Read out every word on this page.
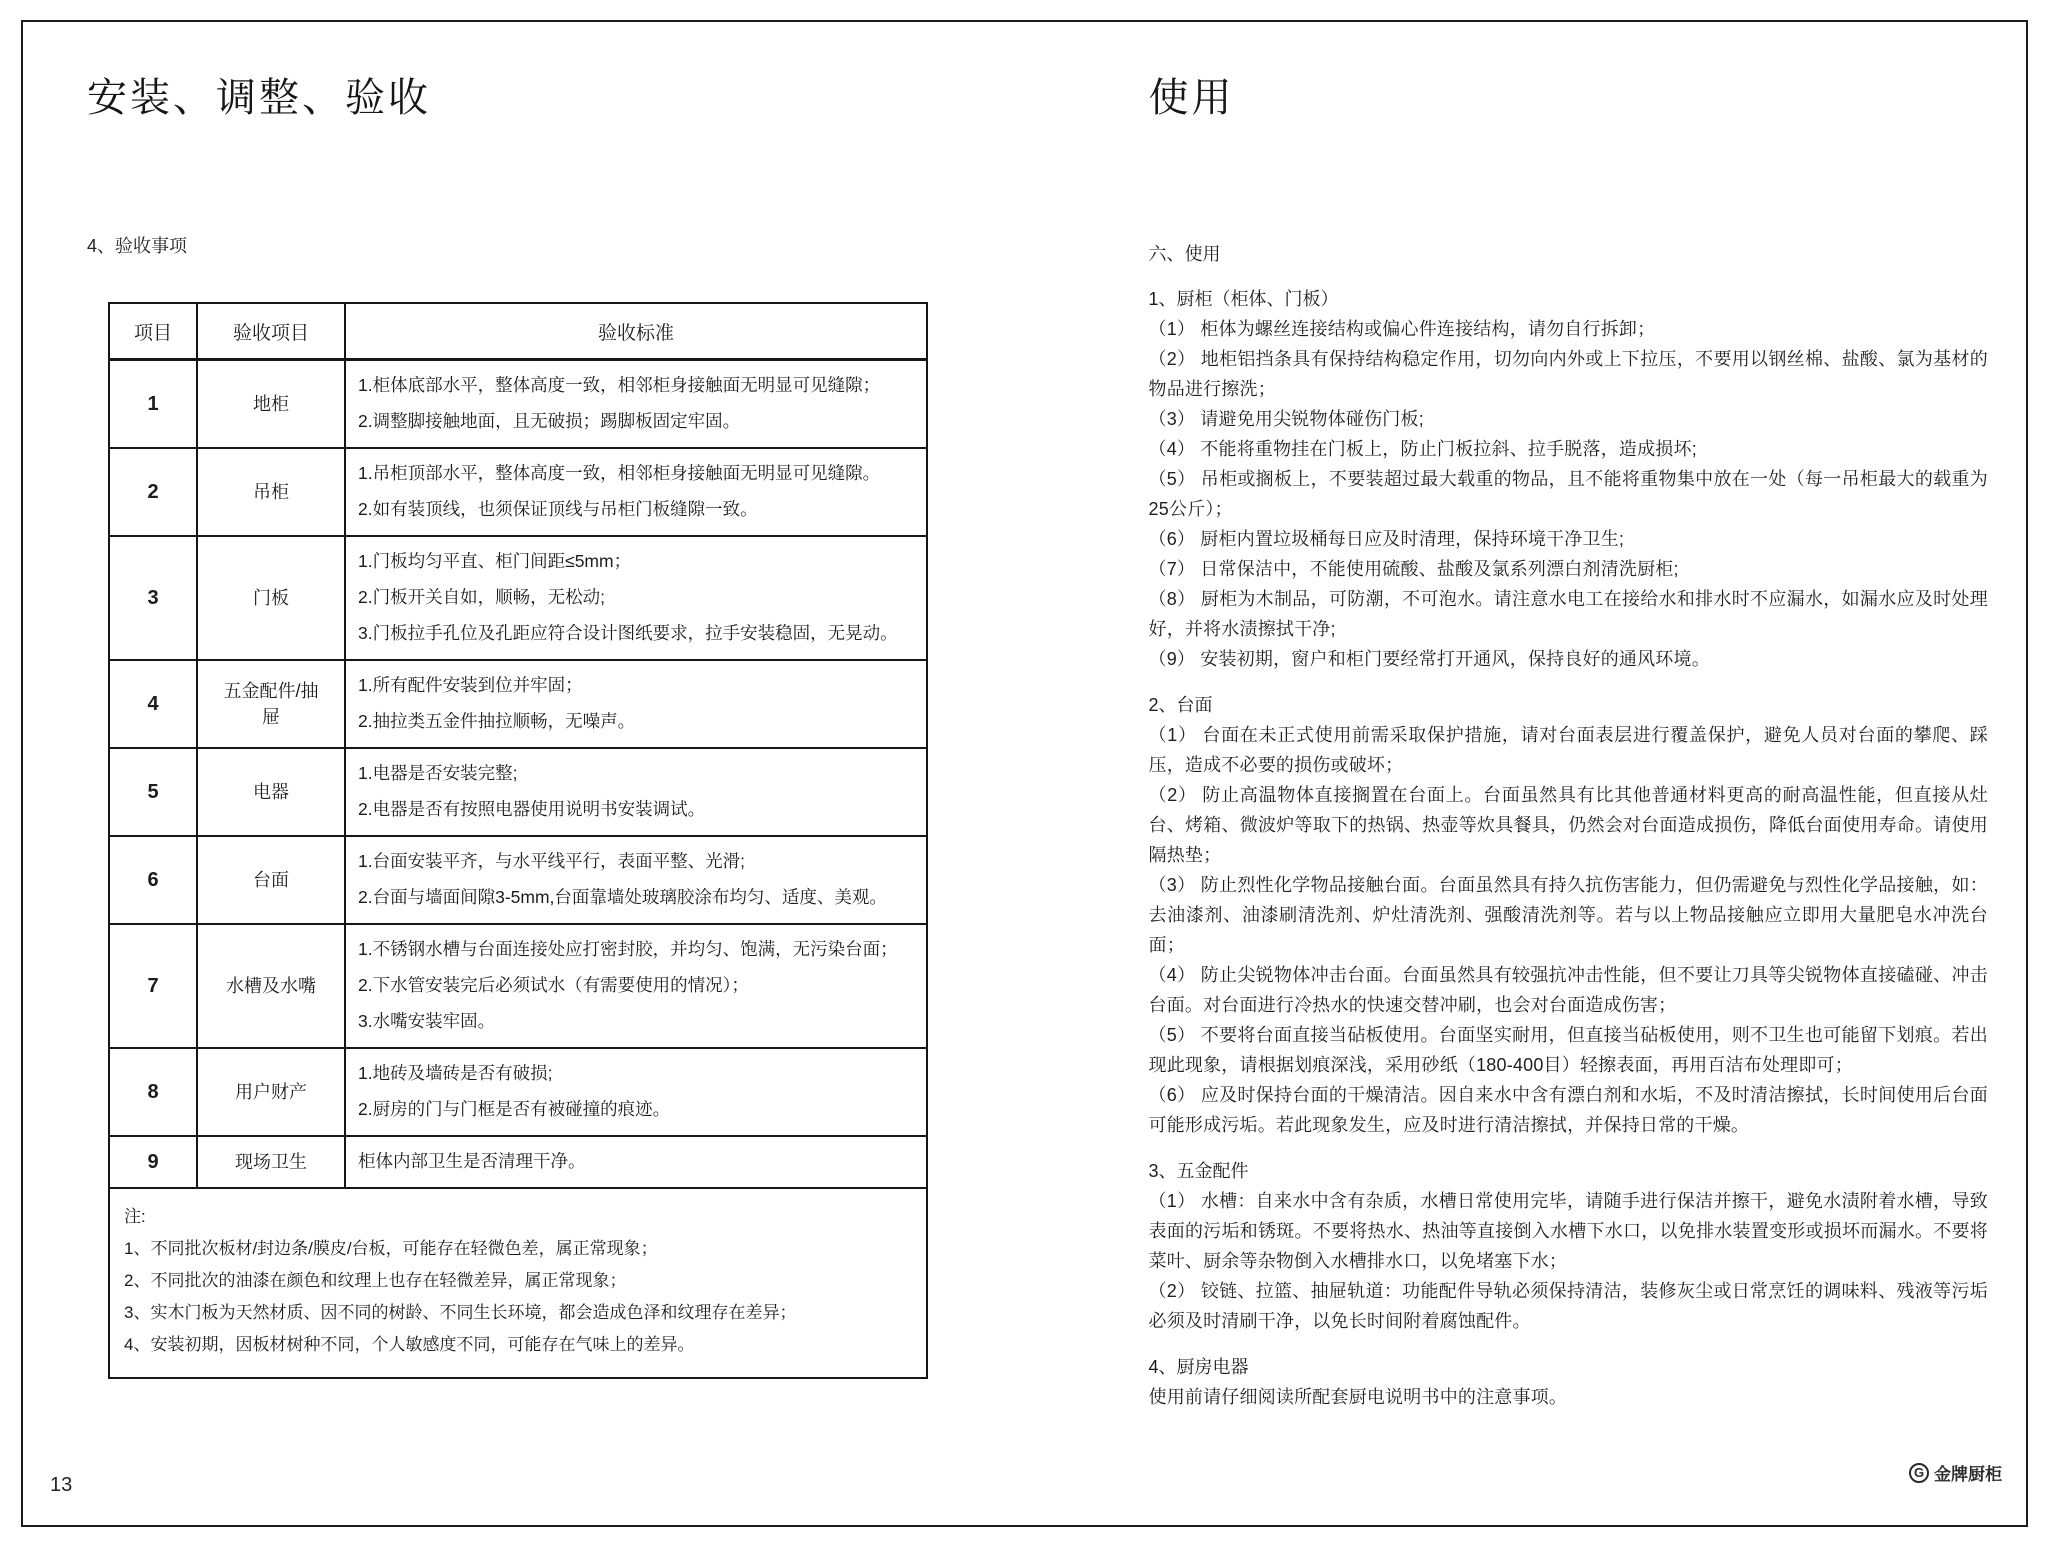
安装、调整、验收
4、验收事项
项目	验收项目	验收标准
1	地柜	1.柜体底部水平，整体高度一致，相邻柜身接触面无明显可见缝隙；
2.调整脚接触地面，且无破损；踢脚板固定牢固。

2	吊柜	1.吊柜顶部水平，整体高度一致，相邻柜身接触面无明显可见缝隙。
2.如有装顶线，也须保证顶线与吊柜门板缝隙一致。

3	门板	1.门板均匀平直、柜门间距≤5mm；
2.门板开关自如，顺畅，无松动;
3.门板拉手孔位及孔距应符合设计图纸要求，拉手安装稳固，无晃动。

4	五金配件/抽屉	1.所有配件安装到位并牢固；
2.抽拉类五金件抽拉顺畅，无噪声。

5	电器	1.电器是否安装完整;
2.电器是否有按照电器使用说明书安装调试。

6	台面	1.台面安装平齐，与水平线平行，表面平整、光滑;
2.台面与墙面间隙3-5mm,台面靠墙处玻璃胶涂布均匀、适度、美观。

7	水槽及水嘴	1.不锈钢水槽与台面连接处应打密封胶，并均匀、饱满，无污染台面；
2.下水管安装完后必须试水（有需要使用的情况）；
3.水嘴安装牢固。

8	用户财产	1.地砖及墙砖是否有破损;
2.厨房的门与门框是否有被碰撞的痕迹。

9	现场卫生	柜体内部卫生是否清理干净。

注:
1、不同批次板材/封边条/膜皮/台板，可能存在轻微色差，属正常现象；
2、不同批次的油漆在颜色和纹理上也存在轻微差异，属正常现象；
3、实木门板为天然材质、因不同的树龄、不同生长环境，都会造成色泽和纹理存在差异；
4、安装初期，因板材树种不同，个人敏感度不同，可能存在气味上的差异。		
13
使用
六、使用

1、厨柜（柜体、门板）

（1） 柜体为螺丝连接结构或偏心件连接结构，请勿自行拆卸；

（2） 地柜铝挡条具有保持结构稳定作用，切勿向内外或上下拉压，不要用以钢丝棉、盐酸、氯为基材的物品进行擦洗；

（3） 请避免用尖锐物体碰伤门板;

（4） 不能将重物挂在门板上，防止门板拉斜、拉手脱落，造成损坏;

（5） 吊柜或搁板上，不要装超过最大载重的物品，且不能将重物集中放在一处（每一吊柜最大的载重为25公斤）；

（6） 厨柜内置垃圾桶每日应及时清理，保持环境干净卫生;

（7） 日常保洁中，不能使用硫酸、盐酸及氯系列漂白剂清洗厨柜;

（8） 厨柜为木制品，可防潮，不可泡水。请注意水电工在接给水和排水时不应漏水，如漏水应及时处理好，并将水渍擦拭干净;

（9） 安装初期，窗户和柜门要经常打开通风，保持良好的通风环境。

2、台面

（1） 台面在未正式使用前需采取保护措施，请对台面表层进行覆盖保护，避免人员对台面的攀爬、踩压，造成不必要的损伤或破坏；

（2） 防止高温物体直接搁置在台面上。台面虽然具有比其他普通材料更高的耐高温性能，但直接从灶台、烤箱、微波炉等取下的热锅、热壶等炊具餐具，仍然会对台面造成损伤，降低台面使用寿命。请使用隔热垫；

（3） 防止烈性化学物品接触台面。台面虽然具有持久抗伤害能力，但仍需避免与烈性化学品接触，如：去油漆剂、油漆刷清洗剂、炉灶清洗剂、强酸清洗剂等。若与以上物品接触应立即用大量肥皂水冲洗台面；

（4） 防止尖锐物体冲击台面。台面虽然具有较强抗冲击性能，但不要让刀具等尖锐物体直接磕碰、冲击台面。对台面进行冷热水的快速交替冲刷，也会对台面造成伤害；

（5） 不要将台面直接当砧板使用。台面坚实耐用，但直接当砧板使用，则不卫生也可能留下划痕。若出现此现象，请根据划痕深浅，采用砂纸（180-400目）轻擦表面，再用百洁布处理即可；

（6） 应及时保持台面的干燥清洁。因自来水中含有漂白剂和水垢，不及时清洁擦拭，长时间使用后台面可能形成污垢。若此现象发生，应及时进行清洁擦拭，并保持日常的干燥。

3、五金配件

（1） 水槽：自来水中含有杂质，水槽日常使用完毕，请随手进行保洁并擦干，避免水渍附着水槽，导致表面的污垢和锈斑。不要将热水、热油等直接倒入水槽下水口，以免排水装置变形或损坏而漏水。不要将菜叶、厨余等杂物倒入水槽排水口，以免堵塞下水；

（2） 铰链、拉篮、抽屉轨道：功能配件导轨必须保持清洁，装修灰尘或日常烹饪的调味料、残液等污垢必须及时清刷干净，以免长时间附着腐蚀配件。

4、厨房电器

使用前请仔细阅读所配套厨电说明书中的注意事项。

G 金牌厨柜
